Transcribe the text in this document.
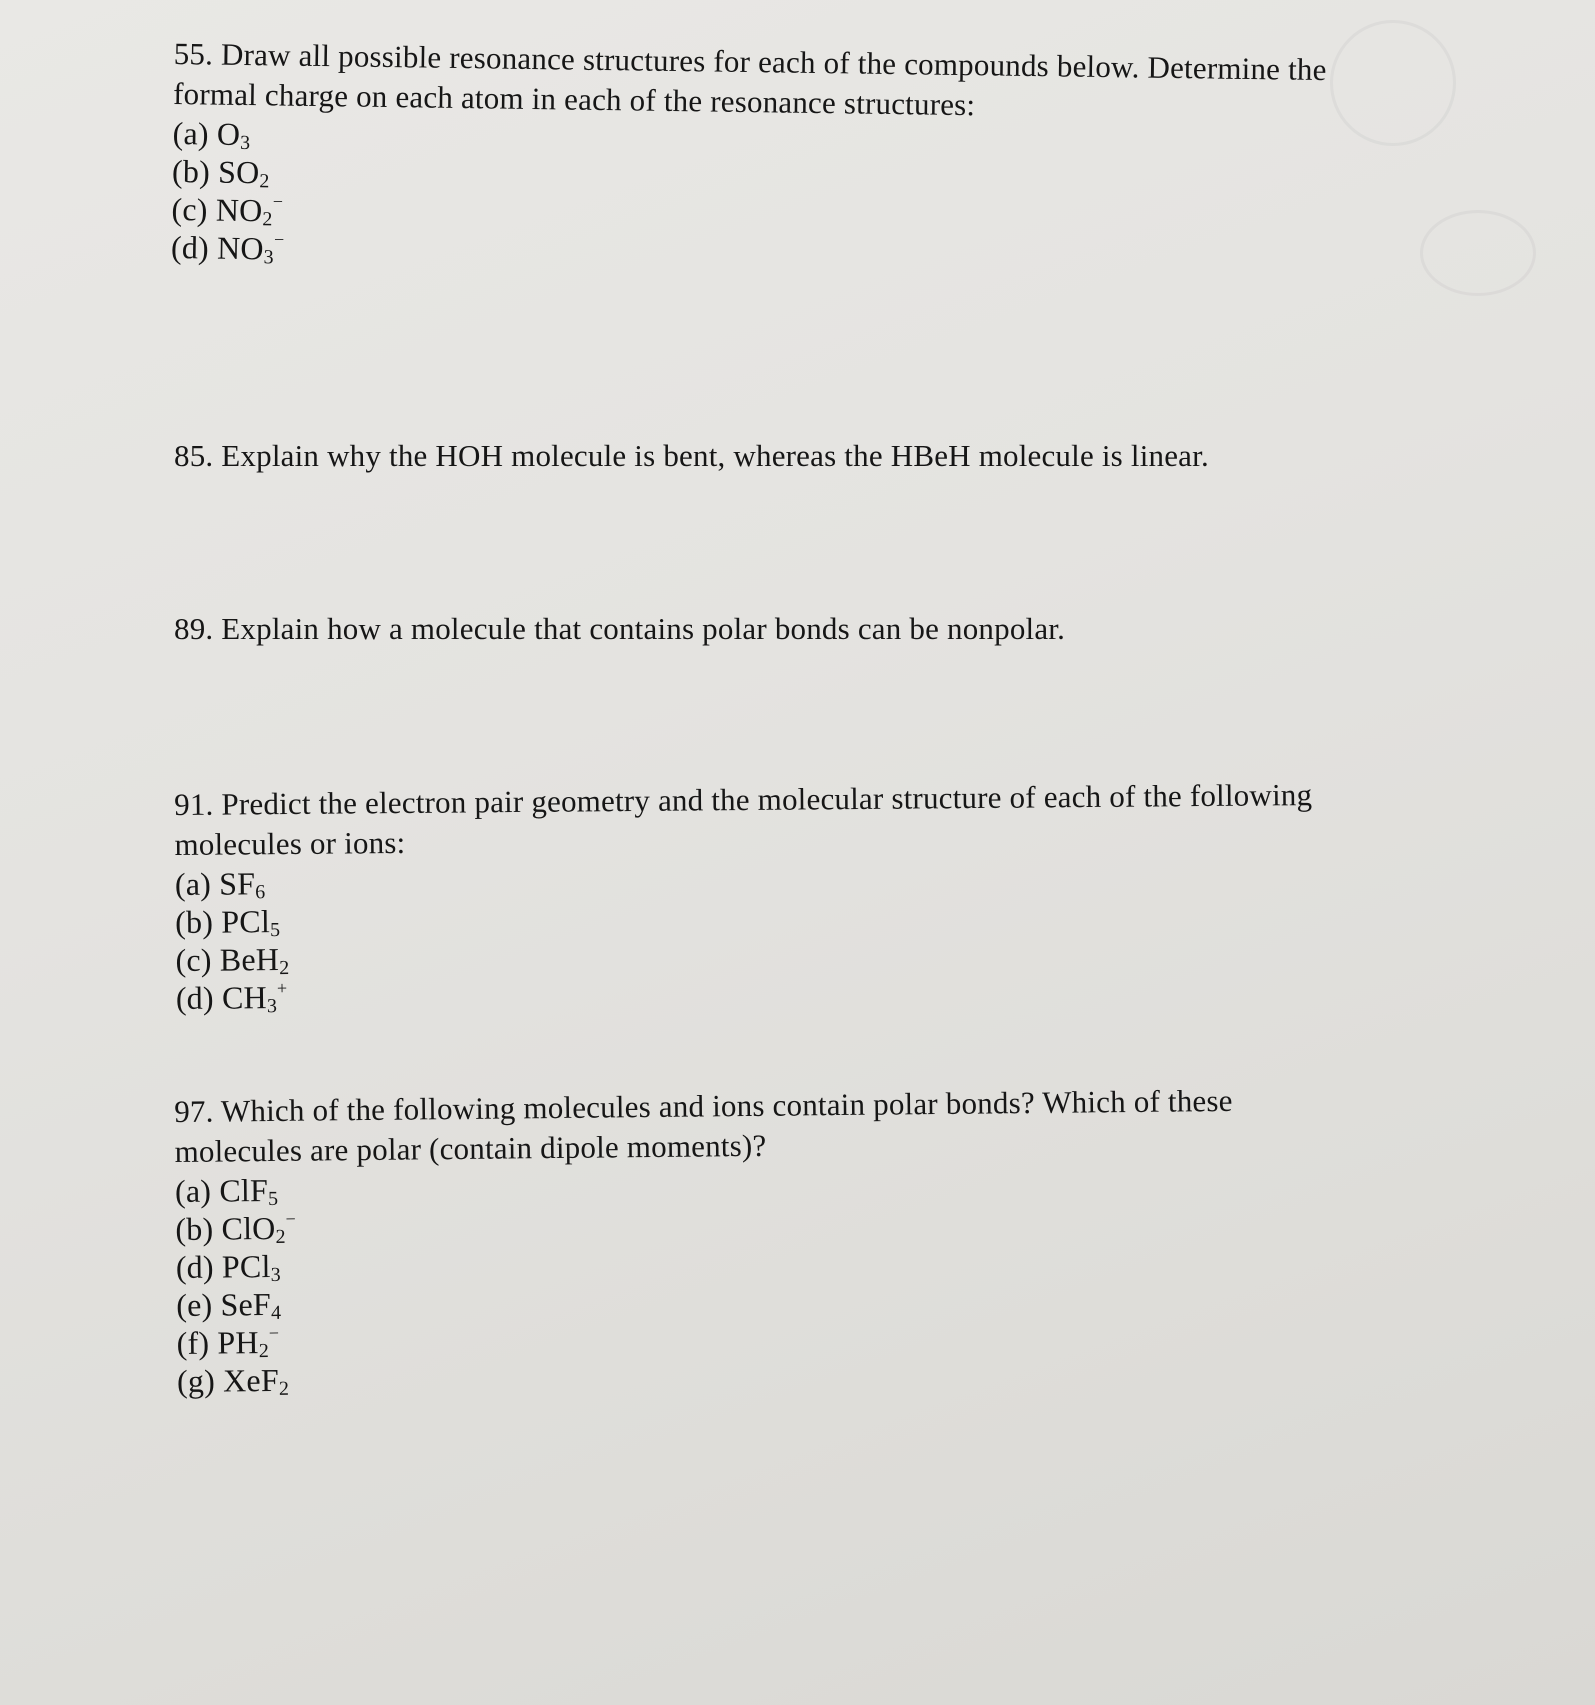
55. Draw all possible resonance structures for each of the compounds below. Determine the formal charge on each atom in each of the resonance structures:
(a) $O_3$
(b) $SO_2$
(c) $NO_2^-$
(d) $NO_3^-$
85. Explain why the HOH molecule is bent, whereas the HBeH molecule is linear.
89. Explain how a molecule that contains polar bonds can be nonpolar.
91. Predict the electron pair geometry and the molecular structure of each of the following molecules or ions:
(a) $SF_6$
(b) PCl$_5$
(c) BeH$_2$
(d) $CH_3^+$
97. Which of the following molecules and ions contain polar bonds? Which of these molecules are polar (contain dipole moments)?
(a) ClF$_5$
(b) ClO$_2$−
(d) PCl$_3$
(e) SeF$_4$
(f) $PH_2^-$
(g) XeF$_2$
